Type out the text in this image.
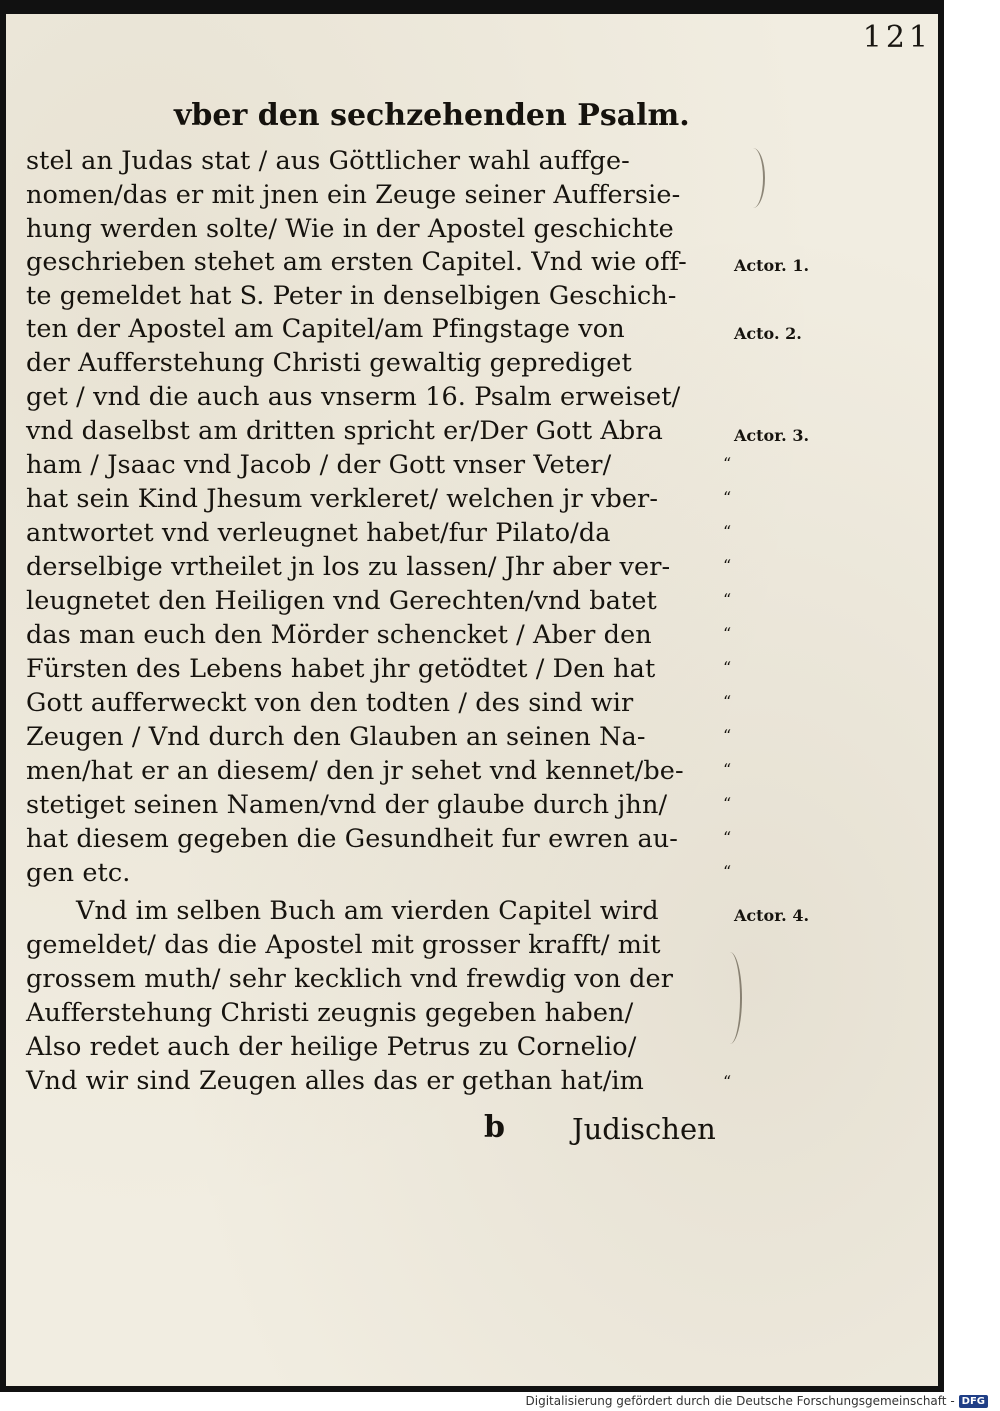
121
vber den sechzehenden Psalm.
stel an Judas stat / aus Göttlicher wahl auffge-
nomen/das er mit jnen ein Zeuge seiner Auffersie-
hung werden solte/ Wie in der Apostel geschichte
geschrieben stehet am ersten Capitel. Vnd wie off-
te gemeldet hat S. Peter in denselbigen Geschich-
ten der Apostel am Capitel/am Pfingstage von
der Aufferstehung Christi gewaltig geprediget
get / vnd die auch aus vnserm 16. Psalm erweiset/
vnd daselbst am dritten spricht er/Der Gott Abra
ham / Jsaac vnd Jacob / der Gott vnser Veter/
hat sein Kind Jhesum verkleret/ welchen jr vber-
antwortet vnd verleugnet habet/fur Pilato/da
derselbige vrtheilet jn los zu lassen/ Jhr aber ver-
leugnetet den Heiligen vnd Gerechten/vnd batet
das man euch den Mörder schencket / Aber den
Fürsten des Lebens habet jhr getödtet / Den hat
Gott aufferweckt von den todten / des sind wir
Zeugen / Vnd durch den Glauben an seinen Na-
men/hat er an diesem/ den jr sehet vnd kennet/be-
stetiget seinen Namen/vnd der glaube durch jhn/
hat diesem gegeben die Gesundheit fur ewren au-
gen etc.
Vnd im selben Buch am vierden Capitel wird
gemeldet/ das die Apostel mit grosser krafft/ mit
grossem muth/ sehr kecklich vnd frewdig von der
Aufferstehung Christi zeugnis gegeben haben/
Also redet auch der heilige Petrus zu Cornelio/
Vnd wir sind Zeugen alles das er gethan hat/im
Actor. 1.
Acto. 2.
Actor. 3.
Actor. 4.
“
“
“
“
“
“
“
“
“
“
“
“
“
“
b Judischen
Digitalisierung gefördert durch die Deutsche Forschungsgemeinschaft - DFG
